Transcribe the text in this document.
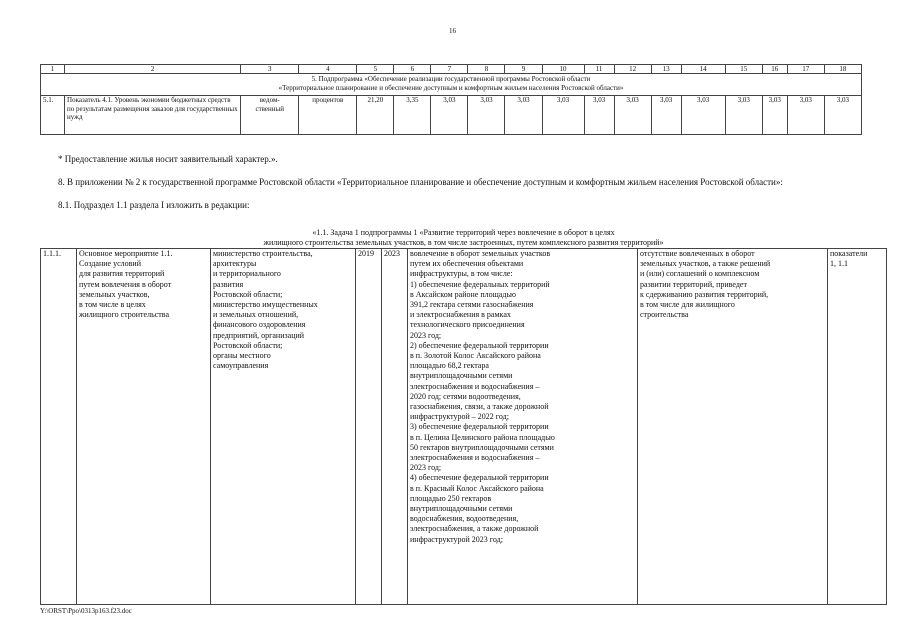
16
1	2	3	4	5	6	7	8	9	10	11	12	13	14	15	16	17	18

5. Подпрограмма «Обеспечение реализации государственной программы Ростовской области
«Территориальное планирование и обеспечение доступным и комфортным жильем населения Ростовской области»																	

5.1.	Показатель 4.1. Уровень экономии бюджетных средств по результатам размещения заказов для государственных нужд	ведом-
ственный	процентов	21,20	3,35	3,03	3,03	3,03	3,03	3,03	3,03	3,03	3,03	3,03	3,03	3,03	3,03
* Предоставление жилья носит заявительный характер.».
8. В приложении № 2 к государственной программе Ростовской области «Территориальное планирование и обеспечение доступным и комфортным жильем населения Ростовской области»:
8.1. Подраздел 1.1 раздела I изложить в редакции:
«1.1. Задача 1 подпрограммы 1 «Развитие территорий через вовлечение в оборот в целях
жилищного строительства земельных участков, в том числе застроенных, путем комплексного развития территорий»

1.1.1.	Основное мероприятие 1.1.
Создание условий
для развития территорий
путем вовлечения в оборот
земельных участков,
в том числе в целях
жилищного строительства	министерство строительства,
архитектуры
и территориального
развития
Ростовской области;
министерство имущественных
и земельных отношений,
финансового оздоровления
предприятий, организаций
Ростовской области;
органы местного
самоуправления	2019	2023	вовлечение в оборот земельных участков
путем их обеспечения объектами
инфраструктуры, в том числе:
1) обеспечение федеральных территорий
в Аксайском районе площадью
391,2 гектара сетями газоснабжения
и электроснабжения в рамках
технологического присоединения
2023 год;
2) обеспечение федеральной территории
в п. Золотой Колос Аксайского района
площадью 68,2 гектара
внутриплощадочными сетями
электроснабжения и водоснабжения –
2020 год; сетями водоотведения,
газоснабжения, связи, а также дорожной
инфраструктурой – 2022 год;
3) обеспечение федеральной территории
в п. Целина Целинского района площадью
50 гектаров внутриплощадочными сетями
электроснабжения и водоснабжения –
2023 год;
4) обеспечение федеральной территории
в п. Красный Колос Аксайского района
площадью 250 гектаров
внутриплощадочными сетями
водоснабжения, водоотведения,
электроснабжения, а также дорожной
инфраструктурой 2023 год;	отсутствие вовлеченных в оборот
земельных участков, а также решений
и (или) соглашений о комплексном
развитии территорий, приведет
к сдерживанию развития территорий,
в том числе для жилищного
строительства	показатели
1, 1.1
Y:\ORST\Ppo\0313p163.f23.doc
